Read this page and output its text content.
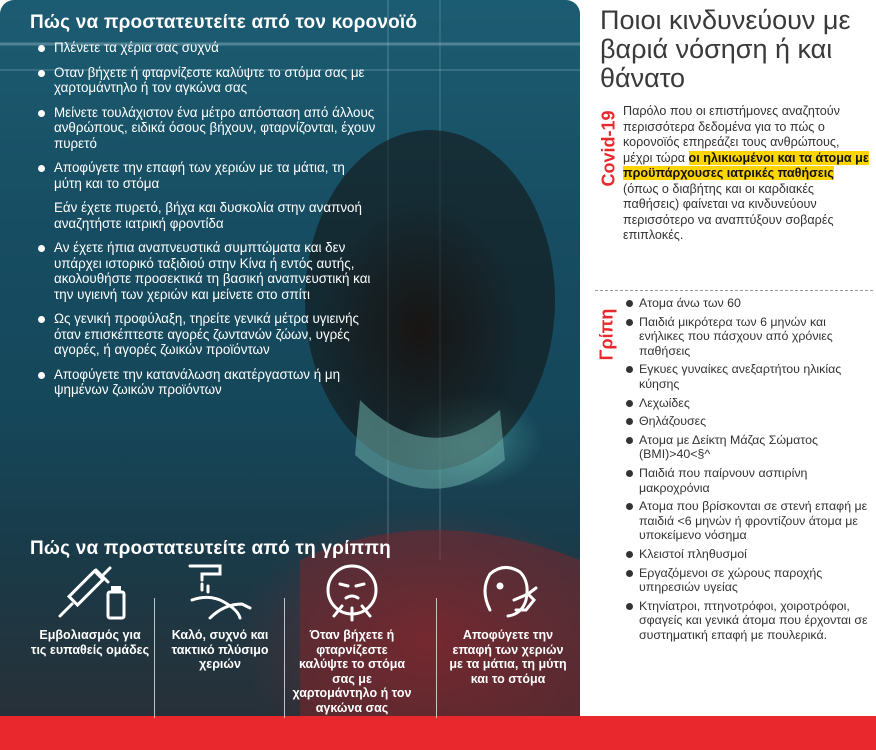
Πώς να προστατευτείτε από τον κορονοϊό
Πλένετε τα χέρια σας συχνά
Οταν βήχετε ή φταρνίζεστε καλύψτε το στόμα σας με χαρτομάντηλο ή τον αγκώνα σας
Μείνετε τουλάχιστον ένα μέτρο απόσταση από άλλους ανθρώπους, ειδικά όσους βήχουν, φταρνίζονται, έχουν πυρετό
Αποφύγετε την επαφή των χεριών με τα μάτια, τη μύτη και το στόμα
Εάν έχετε πυρετό, βήχα και δυσκολία στην αναπνοή αναζητήστε ιατρική φροντίδα
Αν έχετε ήπια αναπνευστικά συμπτώματα και δεν υπάρχει ιστορικό ταξιδιού στην Κίνα ή εντός αυτής, ακολουθήστε προσεκτικά τη βασική αναπνευστική και την υγιεινή των χεριών και μείνετε στο σπίτι
Ως γενική προφύλαξη, τηρείτε γενικά μέτρα υγιεινής όταν επισκέπτεστε αγορές ζωντανών ζώων, υγρές αγορές, ή αγορές ζωικών προϊόντων
Αποφύγετε την κατανάλωση ακατέργαστων ή μη ψημένων ζωικών προϊόντων
Πώς να προστατευτείτε από τη γρίππη
Εμβολιασμός για τις ευπαθείς ομάδες
Καλό, συχνό και τακτικό πλύσιμο χεριών
Όταν βήχετε ή φταρνίζεστε καλύψτε το στόμα σας με χαρτομάντηλο ή τον αγκώνα σας
Αποφύγετε την επαφή των χεριών με τα μάτια, τη μύτη και το στόμα
Ποιοι κινδυνεύουν με βαριά νόσηση ή και θάνατο
Covid-19 Παρόλο που οι επιστήμονες αναζητούν περισσότερα δεδομένα για το πώς ο κορονοϊός επηρεάζει τους ανθρώπους, μέχρι τώρα οι ηλικιωμένοι και τα άτομα με προϋπάρχουσες ιατρικές παθήσεις (όπως ο διαβήτης και οι καρδιακές παθήσεις) φαίνεται να κινδυνεύουν περισσότερο να αναπτύξουν σοβαρές επιπλοκές.

Γρίπη
Ατομα άνω των 60
Παιδιά μικρότερα των 6 μηνών και ενήλικες που πάσχουν από χρόνιες παθήσεις
Εγκυες γυναίκες ανεξαρτήτου ηλικίας κύησης
Λεχωίδες
Θηλάζουσες
Ατομα με Δείκτη Μάζας Σώματος (BMI)>40<§^
Παιδιά που παίρνουν ασπιρίνη μακροχρόνια
Ατομα που βρίσκονται σε στενή επαφή με παιδιά <6 μηνών ή φροντίζουν άτομα με υποκείμενο νόσημα
Κλειστοί πληθυσμοί
Εργαζόμενοι σε χώρους παροχής υπηρεσιών υγείας
Κτηνίατροι, πτηνοτρόφοι, χοιροτρόφοι, σφαγείς και γενικά άτομα που έρχονται σε συστηματική επαφή με πουλερικά.
